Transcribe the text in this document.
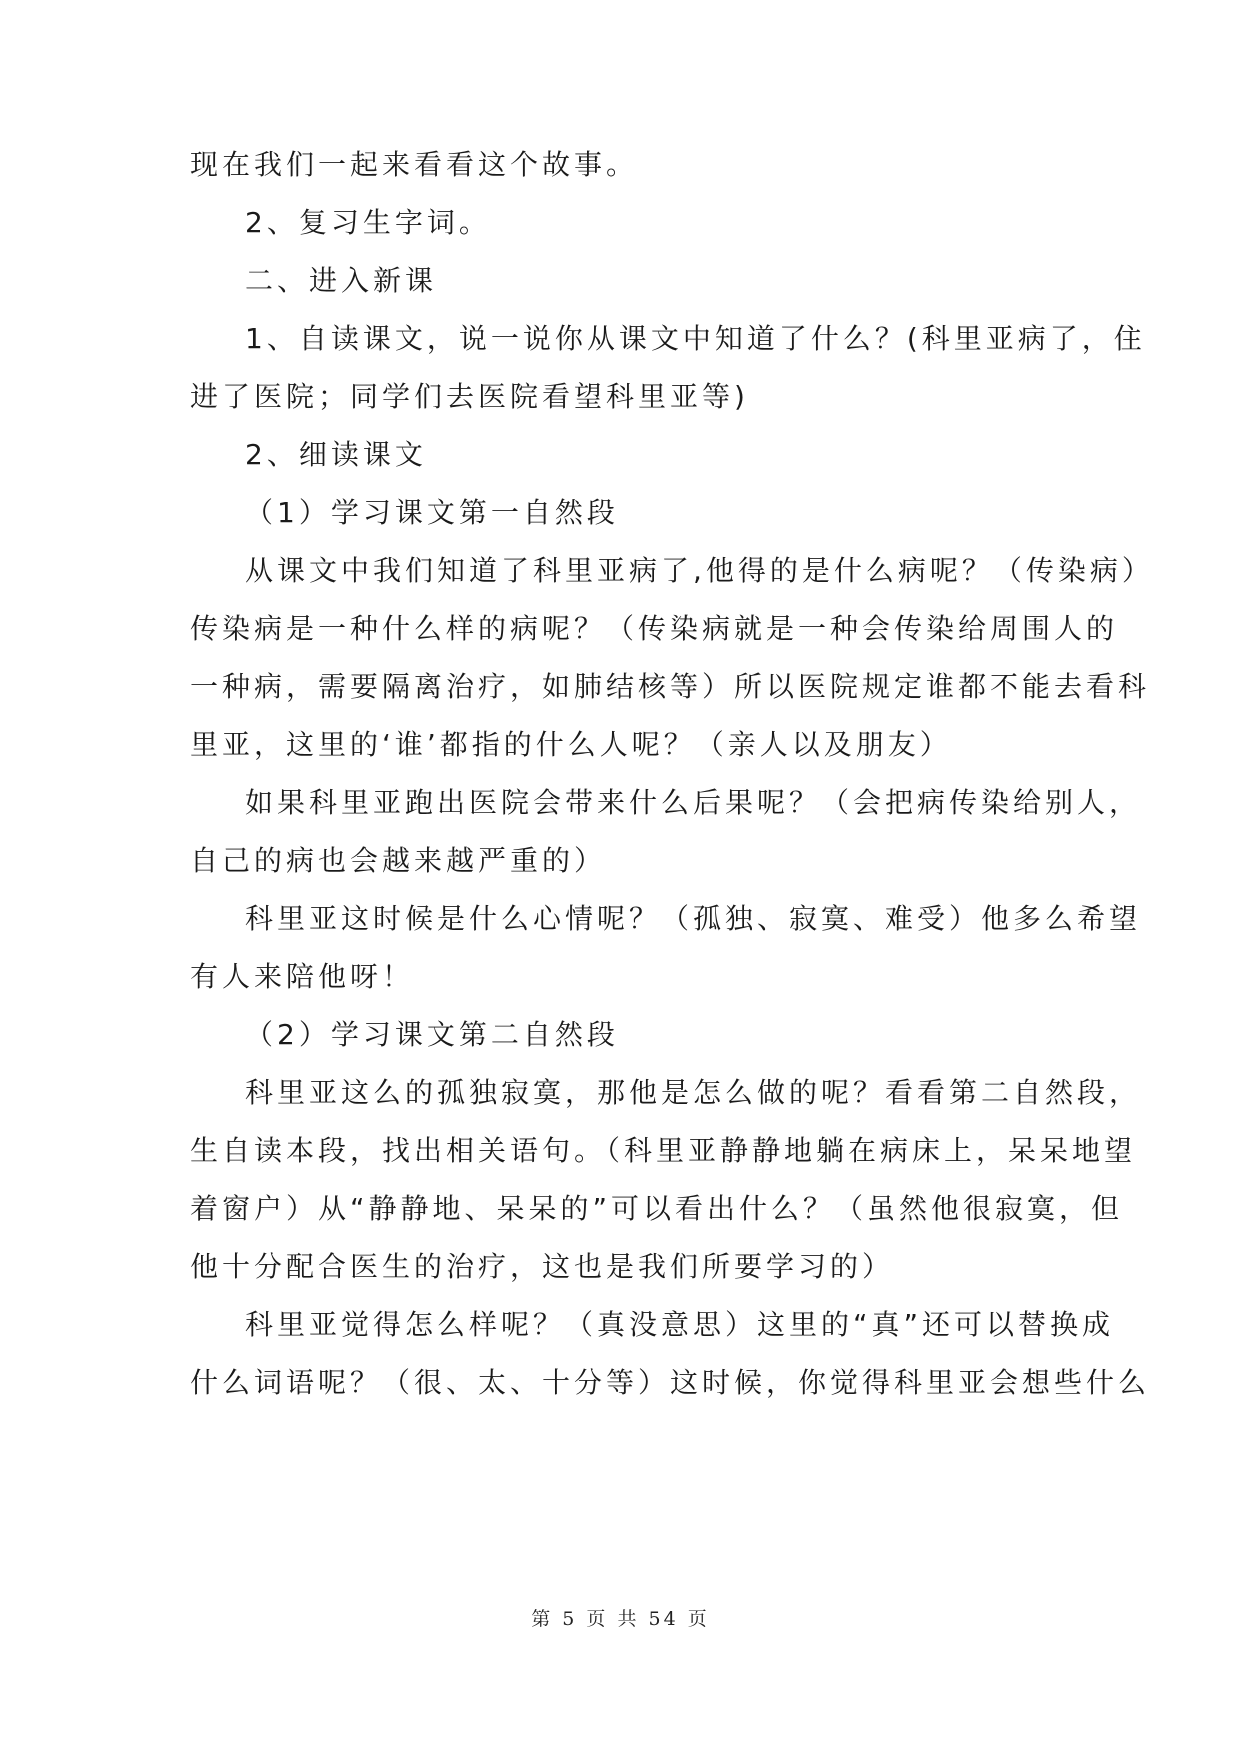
现在我们一起来看看这个故事。
2、复习生字词。
二、进入新课
1、自读课文，说一说你从课文中知道了什么？(科里亚病了，住
进了医院；同学们去医院看望科里亚等)
2、细读课文
（1）学习课文第一自然段
从课文中我们知道了科里亚病了,他得的是什么病呢？（传染病）
传染病是一种什么样的病呢？（传染病就是一种会传染给周围人的
一种病，需要隔离治疗，如肺结核等）所以医院规定谁都不能去看科
里亚，这里的‘谁’都指的什么人呢？（亲人以及朋友）
如果科里亚跑出医院会带来什么后果呢？（会把病传染给别人，
自己的病也会越来越严重的）
科里亚这时候是什么心情呢？（孤独、寂寞、难受）他多么希望
有人来陪他呀！
（2）学习课文第二自然段
科里亚这么的孤独寂寞，那他是怎么做的呢？看看第二自然段，
生自读本段，找出相关语句。（科里亚静静地躺在病床上，呆呆地望
着窗户）从“静静地、呆呆的”可以看出什么？（虽然他很寂寞，但
他十分配合医生的治疗，这也是我们所要学习的）
科里亚觉得怎么样呢？（真没意思）这里的“真”还可以替换成
什么词语呢？（很、太、十分等）这时候，你觉得科里亚会想些什么
第 5 页 共 54 页
